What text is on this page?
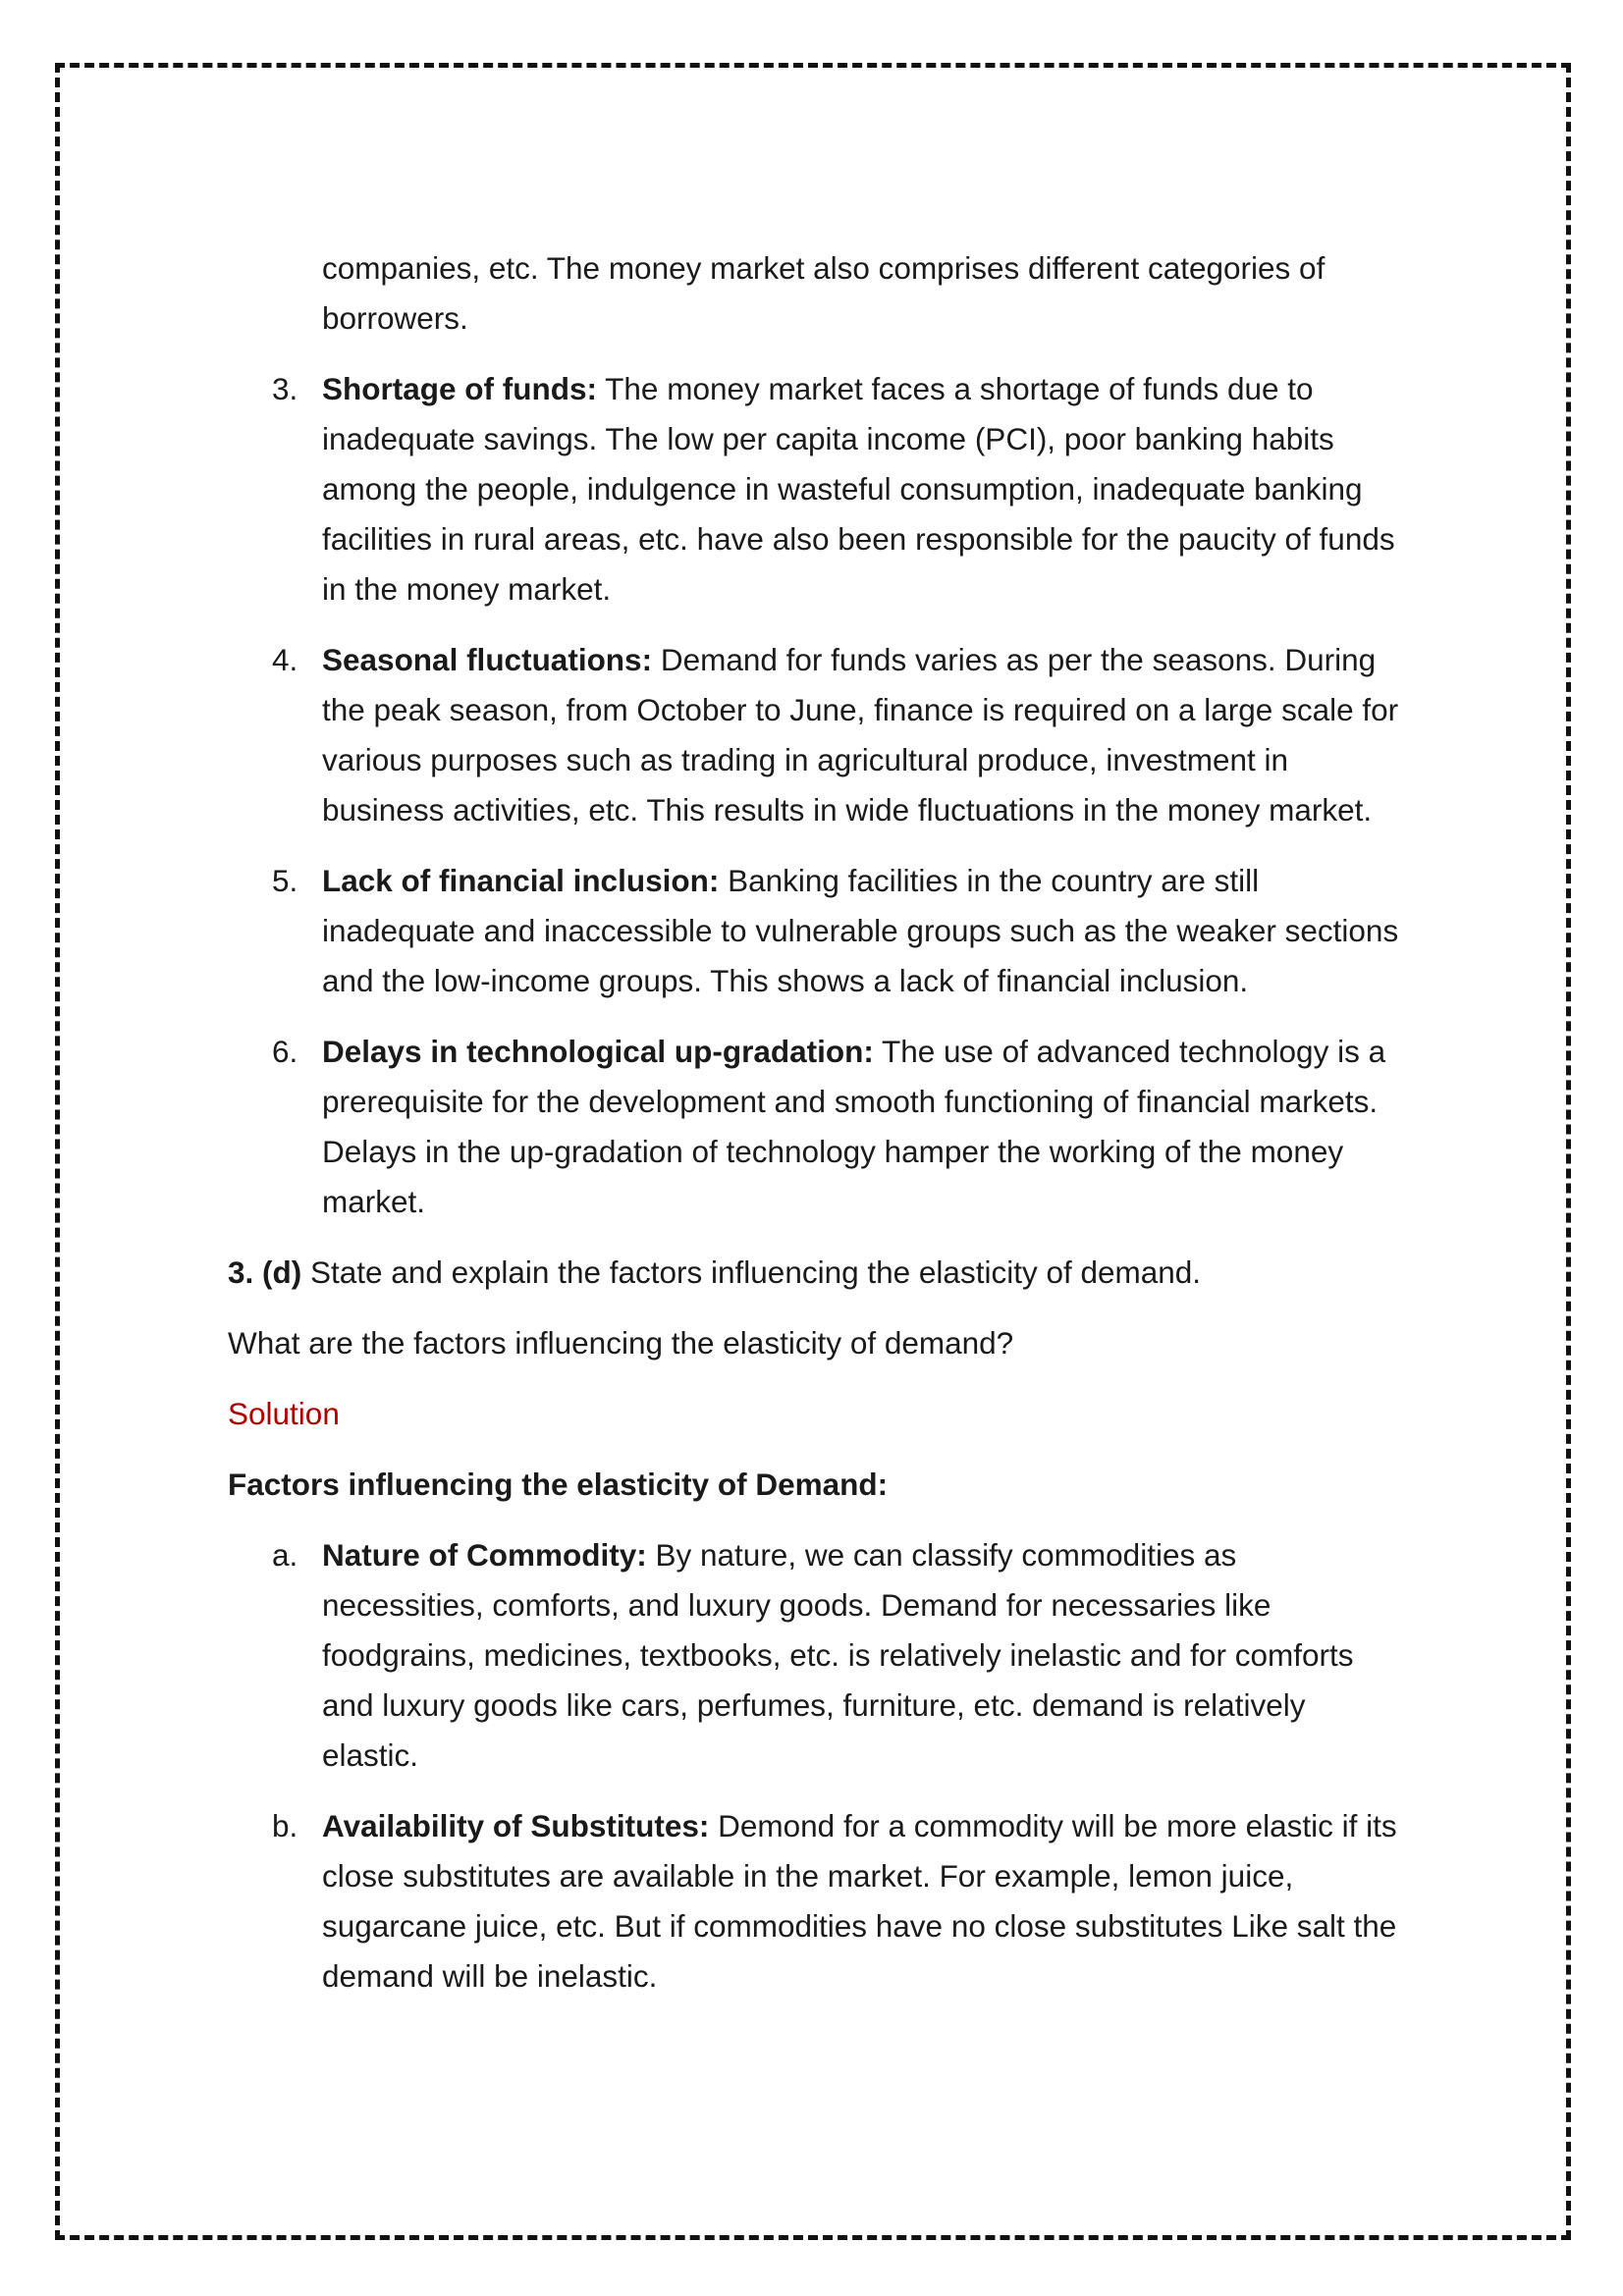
companies, etc. The money market also comprises different categories of borrowers.

3. Shortage of funds: The money market faces a shortage of funds due to inadequate savings. The low per capita income (PCI), poor banking habits among the people, indulgence in wasteful consumption, inadequate banking facilities in rural areas, etc. have also been responsible for the paucity of funds in the money market.
4. Seasonal fluctuations: Demand for funds varies as per the seasons. During the peak season, from October to June, finance is required on a large scale for various purposes such as trading in agricultural produce, investment in business activities, etc. This results in wide fluctuations in the money market.
5. Lack of financial inclusion: Banking facilities in the country are still inadequate and inaccessible to vulnerable groups such as the weaker sections and the low-income groups. This shows a lack of financial inclusion.
6. Delays in technological up-gradation: The use of advanced technology is a prerequisite for the development and smooth functioning of financial markets. Delays in the up-gradation of technology hamper the working of the money market.

3. (d) State and explain the factors influencing the elasticity of demand.

What are the factors influencing the elasticity of demand?

Solution

Factors influencing the elasticity of Demand:

a. Nature of Commodity: By nature, we can classify commodities as necessities, comforts, and luxury goods. Demand for necessaries like foodgrains, medicines, textbooks, etc. is relatively inelastic and for comforts and luxury goods like cars, perfumes, furniture, etc. demand is relatively elastic.
b. Availability of Substitutes: Demond for a commodity will be more elastic if its close substitutes are available in the market. For example, lemon juice, sugarcane juice, etc. But if commodities have no close substitutes Like salt the demand will be inelastic.
